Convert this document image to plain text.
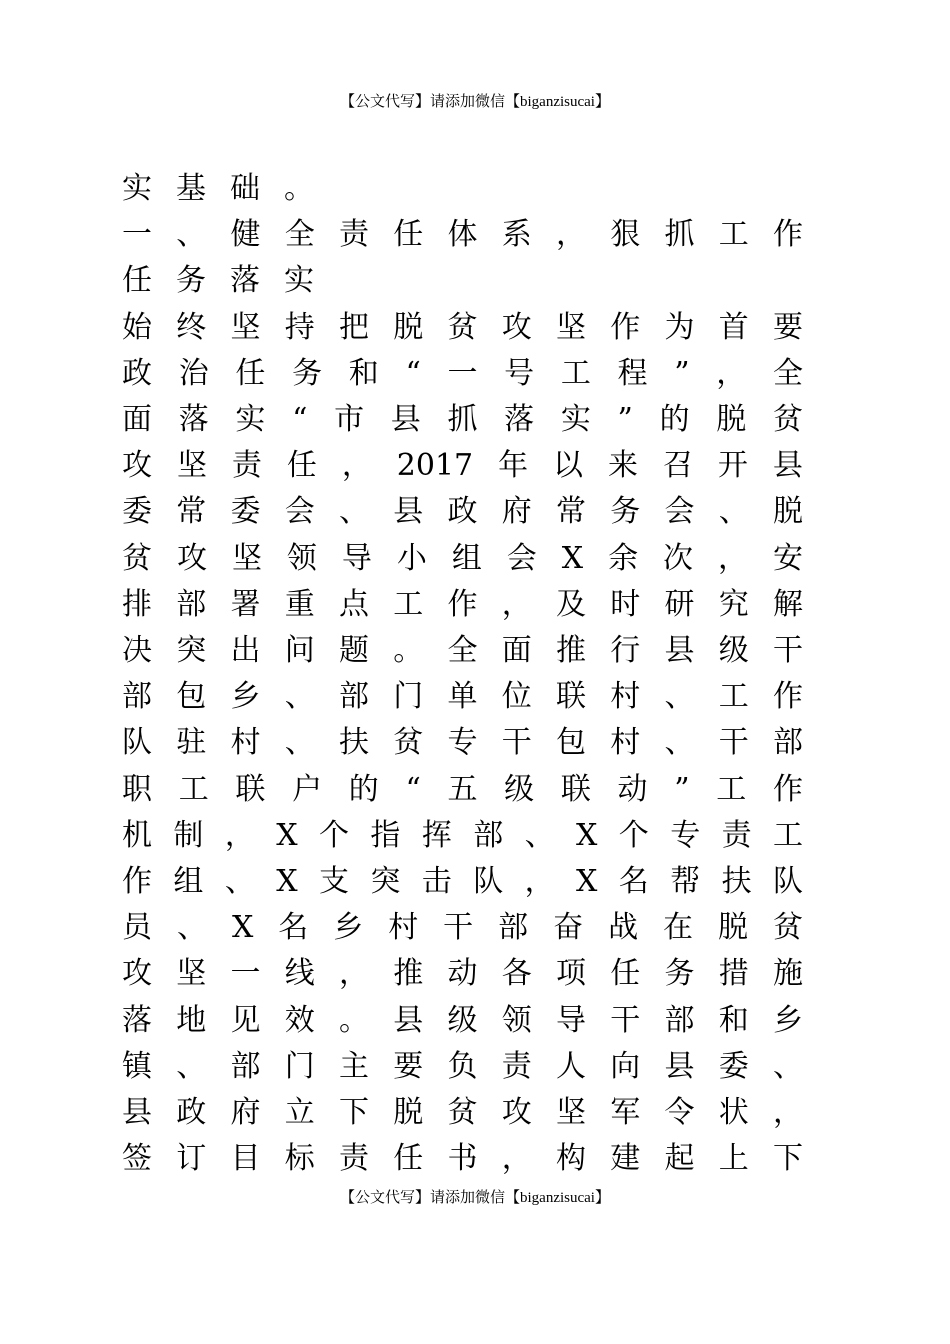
【公文代写】请添加微信【biganzisucai】
实 基 础 。
一 、 健 全 责 任 体 系 ， 狠 抓 工 作
任 务 落 实
始 终 坚 持 把 脱 贫 攻 坚 作 为 首 要
政 治 任 务 和 “ 一 号 工 程 ” ， 全
面 落 实 “ 市 县 抓 落 实 ” 的 脱 贫
攻 坚 责 任 ， 2017 年 以 来 召 开 县
委 常 委 会 、 县 政 府 常 务 会 、 脱
贫 攻 坚 领 导 小 组 会 X 余 次 ， 安
排 部 署 重 点 工 作 ， 及 时 研 究 解
决 突 出 问 题 。 全 面 推 行 县 级 干
部 包 乡 、 部 门 单 位 联 村 、 工 作
队 驻 村 、 扶 贫 专 干 包 村 、 干 部
职 工 联 户 的 “ 五 级 联 动 ” 工 作
机 制 ， X 个 指 挥 部 、 X 个 专 责 工
作 组 、 X 支 突 击 队 ， X 名 帮 扶 队
员 、 X 名 乡 村 干 部 奋 战 在 脱 贫
攻 坚 一 线 ， 推 动 各 项 任 务 措 施
落 地 见 效 。 县 级 领 导 干 部 和 乡
镇 、 部 门 主 要 负 责 人 向 县 委 、
县 政 府 立 下 脱 贫 攻 坚 军 令 状 ，
签 订 目 标 责 任 书 ， 构 建 起 上 下
【公文代写】请添加微信【biganzisucai】
